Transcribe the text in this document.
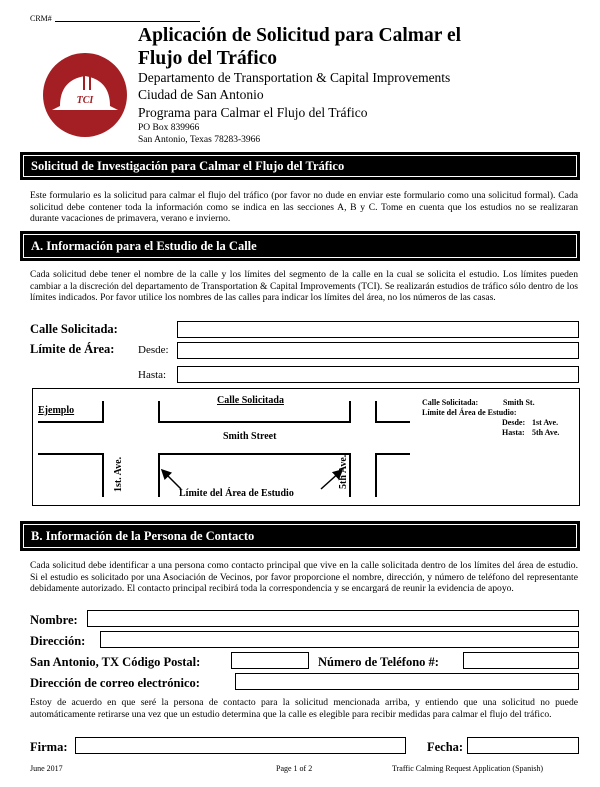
CRM#
TCI
Aplicación de Solicitud para Calmar el
Flujo del Tráfico
Departamento de Transportation & Capital Improvements
Ciudad de San Antonio
Programa para Calmar el Flujo del Tráfico
PO Box 839966
San Antonio, Texas 78283-3966
Solicitud de Investigación para Calmar el Flujo del Tráfico
Este formulario es la solicitud para calmar el flujo del tráfico (por favor no dude en enviar este formulario como una solicitud formal). Cada solicitud debe contener toda la información como se indica en las secciones A, B y C. Tome en cuenta que los estudios no se realizaran durante vacaciones de primavera, verano e invierno.
A. Información para el Estudio de la Calle
Cada solicitud debe tener el nombre de la calle y los límites del segmento de la calle en la cual se solicita el estudio. Los límites pueden cambiar a la discreción del departamento de Transportation & Capital Improvements (TCI). Se realizarán estudios de tráfico sólo dentro de los límites indicados. Por favor utilice los nombres de las calles para indicar los límites del área, no los números de las casas.
Calle Solicitada:
Límite de Área: Desde:
Hasta:
Ejemplo
Calle Solicitada
Smith Street
1st. Ave.	5th Ave.
Límite del Área de Estudio
Calle Solicitada:	Smith St.
Límite del Área de Estudio:
Desde: 1st Ave.
Hasta: 5th Ave.
B. Información de la Persona de Contacto
Cada solicitud debe identificar a una persona como contacto principal que vive en la calle solicitada dentro de los límites del área de estudio. Si el estudio es solicitado por una Asociación de Vecinos, por favor proporcione el nombre, dirección, y número de teléfono del representante debidamente autorizado. El contacto principal recibirá toda la correspondencia y se encargará de reunir la evidencia de apoyo.
Nombre:
Dirección:
San Antonio, TX Código Postal:	Número de Teléfono #:
Dirección de correo electrónico:
Estoy de acuerdo en que seré la persona de contacto para la solicitud mencionada arriba, y entiendo que una solicitud no puede automáticamente retirarse una vez que un estudio determina que la calle es elegible para recibir medidas para calmar el flujo del tráfico.
Firma:	Fecha:
June 2017	Page 1 of 2	Traffic Calming Request Application (Spanish)
